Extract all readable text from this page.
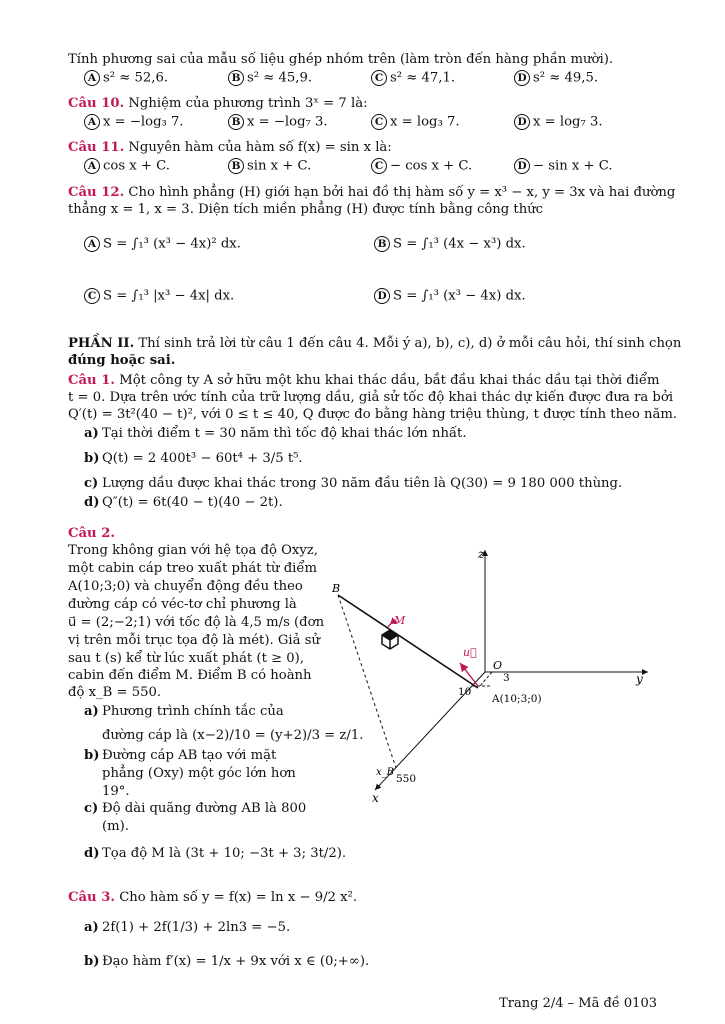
Tính phương sai của mẫu số liệu ghép nhóm trên (làm tròn đến hàng phần mười).
A s² ≈ 52,6.	B s² ≈ 45,9.	C s² ≈ 47,1.	D s² ≈ 49,5.
Câu 10. Nghiệm của phương trình 3ˣ = 7 là:
A x = −log₃ 7.	B x = −log₇ 3.	C x = log₃ 7.	D x = log₇ 3.
Câu 11. Nguyên hàm của hàm số f(x) = sin x là:
A cos x + C.	B sin x + C.	C − cos x + C.	D − sin x + C.
Câu 12. Cho hình phẳng (H) giới hạn bởi hai đồ thị hàm số y = x³ − x, y = 3x và hai đường
thẳng x = 1, x = 3. Diện tích miền phẳng (H) được tính bằng công thức
A S = ∫₁³ (x³ − 4x)² dx.	B S = ∫₁³ (4x − x³) dx.
C S = ∫₁³ |x³ − 4x| dx.	D S = ∫₁³ (x³ − 4x) dx.
PHẦN II. Thí sinh trả lời từ câu 1 đến câu 4. Mỗi ý a), b), c), d) ở mỗi câu hỏi, thí sinh chọn
đúng hoặc sai.
Câu 1. Một công ty A sở hữu một khu khai thác dầu, bắt đầu khai thác dầu tại thời điểm
t = 0. Dựa trên ước tính của trữ lượng dầu, giả sử tốc độ khai thác dự kiến được đưa ra bởi
Q′(t) = 3t²(40 − t)², với 0 ≤ t ≤ 40, Q được đo bằng hàng triệu thùng, t được tính theo năm.
a) Tại thời điểm t = 30 năm thì tốc độ khai thác lớn nhất.
b) Q(t) = 2 400t³ − 60t⁴ + 3/5 t⁵.
c) Lượng dầu được khai thác trong 30 năm đầu tiên là Q(30) = 9 180 000 thùng.
d) Q″(t) = 6t(40 − t)(40 − 2t).
Câu 2.
Trong không gian với hệ tọa độ Oxyz,
một cabin cáp treo xuất phát từ điểm
A(10;3;0) và chuyển động đều theo
đường cáp có véc-tơ chỉ phương là
u⃗ = (2;−2;1) với tốc độ là 4,5 m/s (đơn
vị trên mỗi trục tọa độ là mét). Giả sử
sau t (s) kể từ lúc xuất phát (t ≥ 0),
cabin đến điểm M. Điểm B có hoành
độ x_B = 550.
a) Phương trình chính tắc của
đường cáp là (x−2)/10 = (y+2)/3 = z/1.
b) Đường cáp AB tạo với mặt
phẳng (Oxy) một góc lớn hơn
19°.
c) Độ dài quãng đường AB là 800
(m).
d) Tọa độ M là (3t + 10; −3t + 3; 3t/2).
z
y
x
O
B
M
u⃗
A(10;3;0)
10
3
x_B
550
Câu 3. Cho hàm số y = f(x) = ln x − 9/2 x².
a) 2f(1) + 2f(1/3) + 2ln3 = −5.
b) Đạo hàm f′(x) = 1/x + 9x với x ∈ (0;+∞).
Trang 2/4 – Mã đề 0103
